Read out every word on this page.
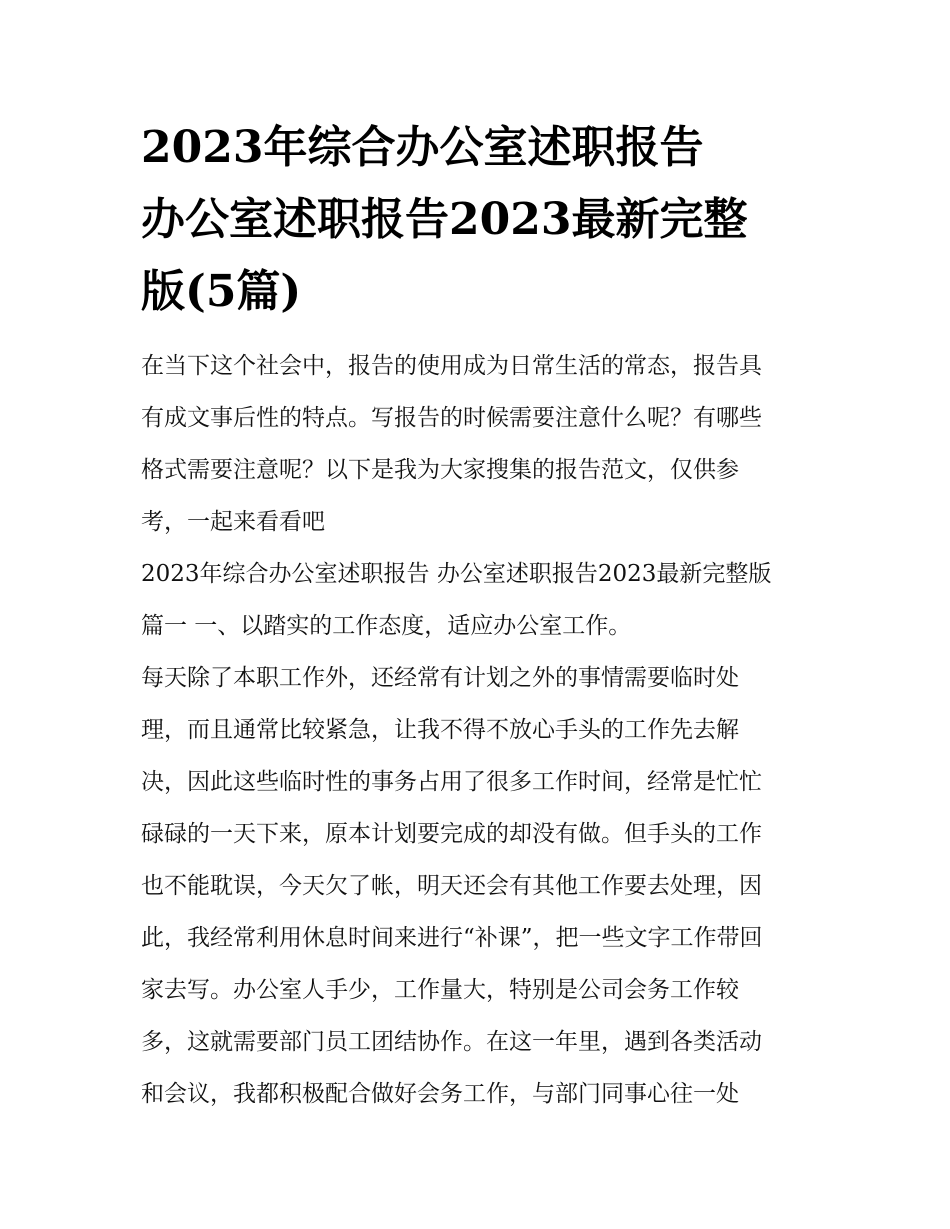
2023年综合办公室述职报告
办公室述职报告2023最新完整
版(5篇)

在当下这个社会中，报告的使用成为日常生活的常态，报告具
有成文事后性的特点。写报告的时候需要注意什么呢？有哪些
格式需要注意呢？以下是我为大家搜集的报告范文，仅供参
考，一起来看看吧

2023年综合办公室述职报告 办公室述职报告2023最新完整版
篇一 一、以踏实的工作态度，适应办公室工作。

每天除了本职工作外，还经常有计划之外的事情需要临时处
理，而且通常比较紧急，让我不得不放心手头的工作先去解
决，因此这些临时性的事务占用了很多工作时间，经常是忙忙
碌碌的一天下来，原本计划要完成的却没有做。但手头的工作
也不能耽误，今天欠了帐，明天还会有其他工作要去处理，因
此，我经常利用休息时间来进行“补课”，把一些文字工作带回
家去写。办公室人手少，工作量大，特别是公司会务工作较
多，这就需要部门员工团结协作。在这一年里，遇到各类活动
和会议，我都积极配合做好会务工作，与部门同事心往一处
